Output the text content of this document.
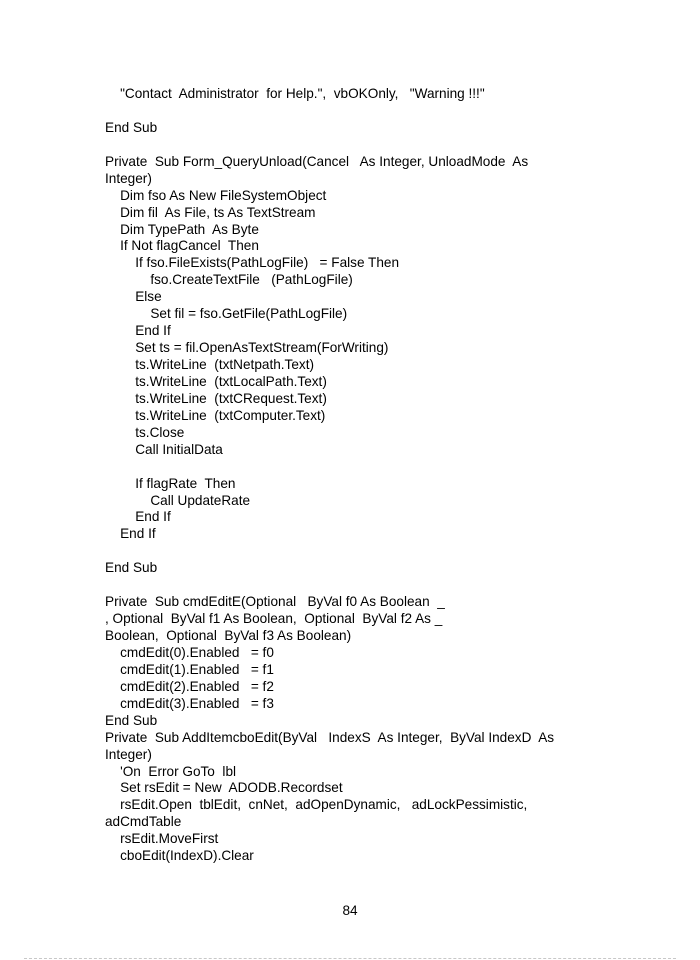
"Contact  Administrator  for Help.",  vbOKOnly,   "Warning !!!"
End Sub
Private  Sub Form_QueryUnload(Cancel   As Integer, UnloadMode  As
Integer)
Dim fso As New FileSystemObject
Dim fil  As File, ts As TextStream
Dim TypePath  As Byte
If Not flagCancel  Then
If fso.FileExists(PathLogFile)   = False Then
fso.CreateTextFile   (PathLogFile)
Else
Set fil = fso.GetFile(PathLogFile)
End If
Set ts = fil.OpenAsTextStream(ForWriting)
ts.WriteLine  (txtNetpath.Text)
ts.WriteLine  (txtLocalPath.Text)
ts.WriteLine  (txtCRequest.Text)
ts.WriteLine  (txtComputer.Text)
ts.Close
Call InitialData
If flagRate  Then
Call UpdateRate
End If
End If
End Sub
Private  Sub cmdEditE(Optional   ByVal f0 As Boolean  _
, Optional  ByVal f1 As Boolean,  Optional  ByVal f2 As _
Boolean,  Optional  ByVal f3 As Boolean)
cmdEdit(0).Enabled   = f0
cmdEdit(1).Enabled   = f1
cmdEdit(2).Enabled   = f2
cmdEdit(3).Enabled   = f3
End Sub
Private  Sub AddItemcboEdit(ByVal   IndexS  As Integer,  ByVal IndexD  As
Integer)
'On  Error GoTo  lbl
Set rsEdit = New  ADODB.Recordset
rsEdit.Open  tblEdit,  cnNet,  adOpenDynamic,   adLockPessimistic,
adCmdTable
rsEdit.MoveFirst
cboEdit(IndexD).Clear
84
